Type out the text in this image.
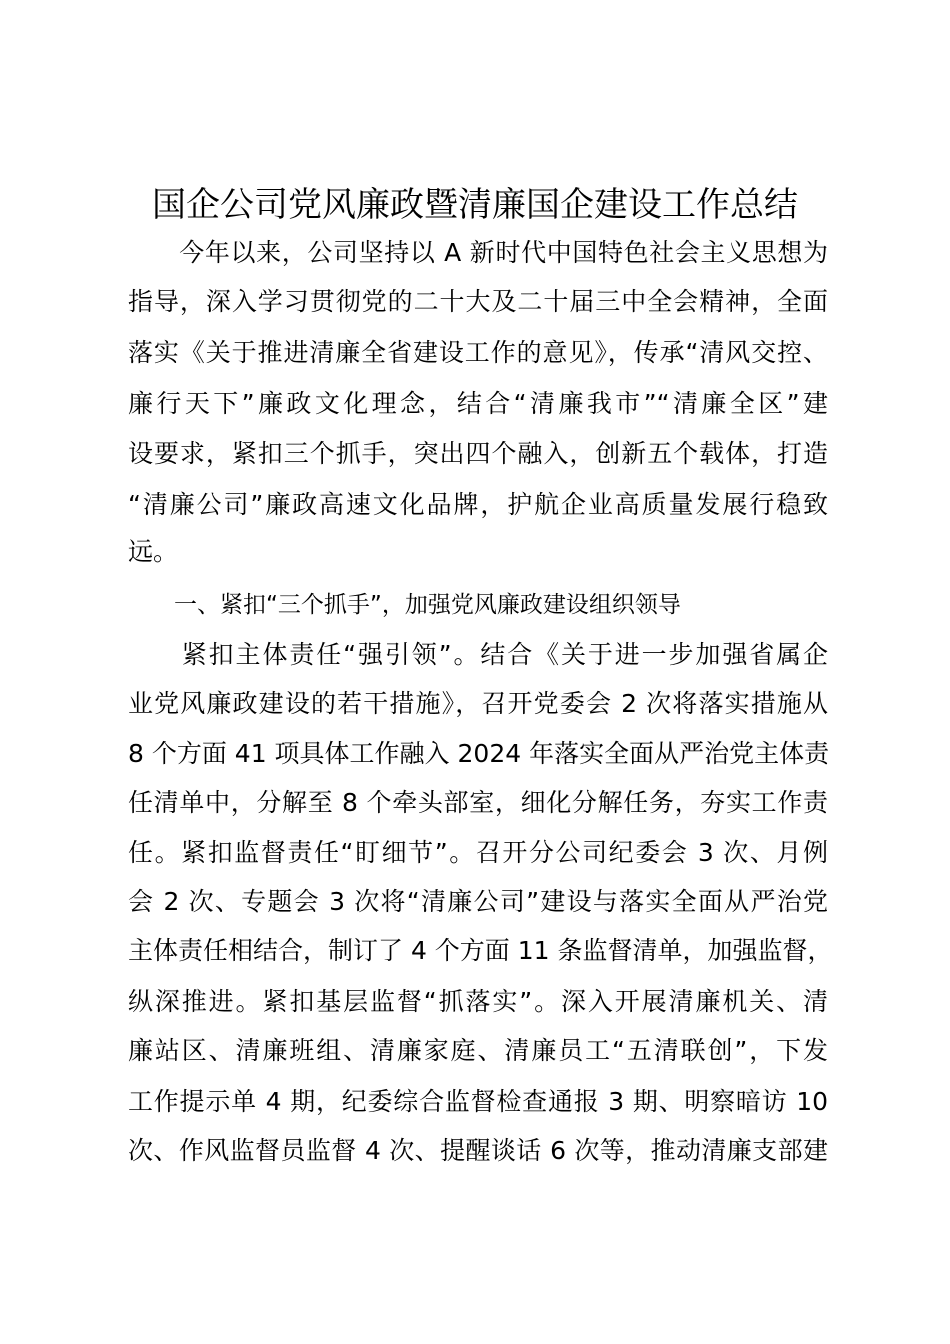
国企公司党风廉政暨清廉国企建设工作总结
　　今年以来，公司坚持以 A 新时代中国特色社会主义思想为
指导，深入学习贯彻党的二十大及二十届三中全会精神，全面
落实《关于推进清廉全省建设工作的意见》，传承“清风交控、
廉行天下”廉政文化理念，结合“清廉我市”“清廉全区”建
设要求，紧扣三个抓手，突出四个融入，创新五个载体，打造
“清廉公司”廉政高速文化品牌，护航企业高质量发展行稳致
远。
　　一、紧扣“三个抓手”，加强党风廉政建设组织领导
　　紧扣主体责任“强引领”。结合《关于进一步加强省属企
业党风廉政建设的若干措施》，召开党委会 2 次将落实措施从
8 个方面 41 项具体工作融入 2024 年落实全面从严治党主体责
任清单中，分解至 8 个牵头部室，细化分解任务，夯实工作责
任。紧扣监督责任“盯细节”。召开分公司纪委会 3 次、月例
会 2 次、专题会 3 次将“清廉公司”建设与落实全面从严治党
主体责任相结合，制订了 4 个方面 11 条监督清单，加强监督，
纵深推进。紧扣基层监督“抓落实”。深入开展清廉机关、清
廉站区、清廉班组、清廉家庭、清廉员工“五清联创”，下发
工作提示单 4 期，纪委综合监督检查通报 3 期、明察暗访 10
次、作风监督员监督 4 次、提醒谈话 6 次等，推动清廉支部建
